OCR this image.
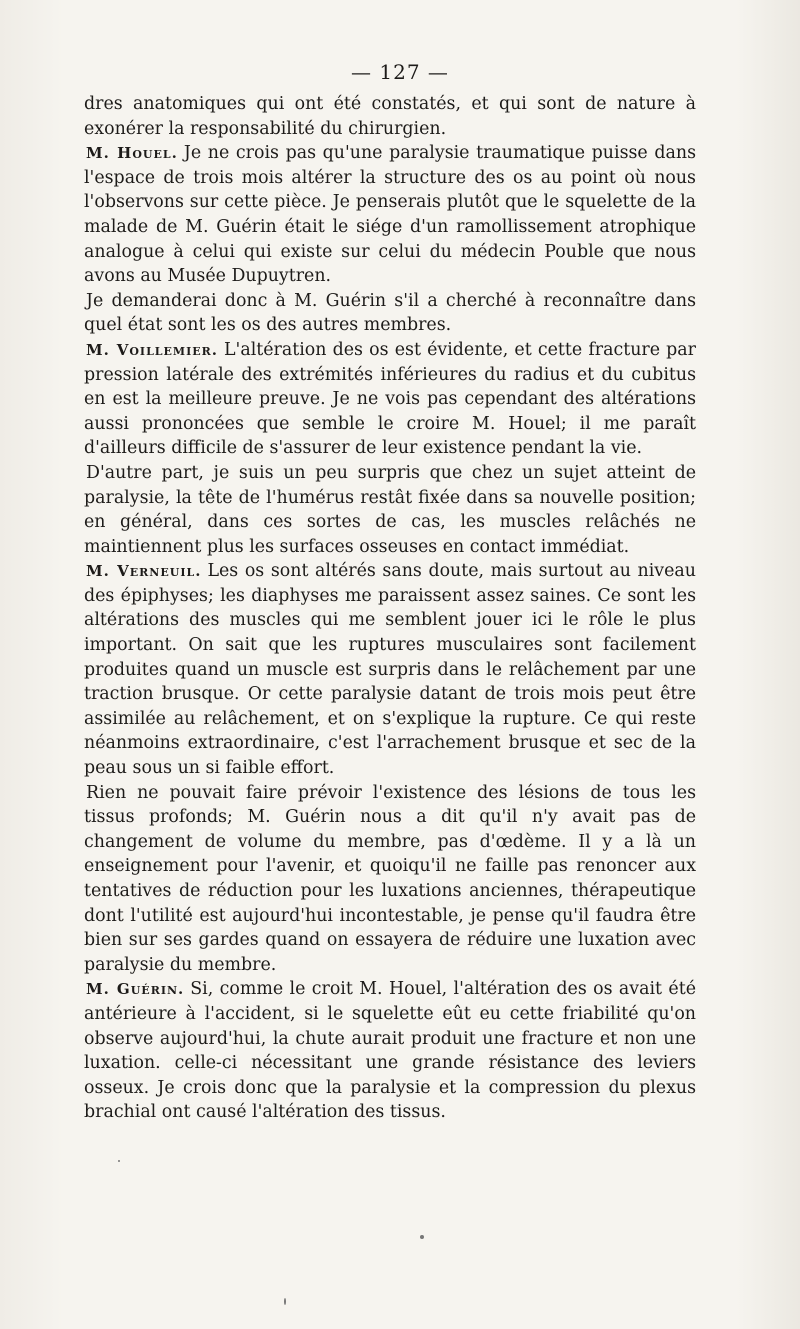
— 127 —

dres anatomiques qui ont été constatés, et qui sont de nature à exonérer la responsabilité du chirurgien.

M. Houel. Je ne crois pas qu'une paralysie traumatique puisse dans l'espace de trois mois altérer la structure des os au point où nous l'observons sur cette pièce. Je penserais plutôt que le squelette de la malade de M. Guérin était le siége d'un ramollissement atrophique analogue à celui qui existe sur celui du médecin Pouble que nous avons au Musée Dupuytren.

Je demanderai donc à M. Guérin s'il a cherché à reconnaître dans quel état sont les os des autres membres.

M. Voillemier. L'altération des os est évidente, et cette fracture par pression latérale des extrémités inférieures du radius et du cubitus en est la meilleure preuve. Je ne vois pas cependant des altérations aussi prononcées que semble le croire M. Houel; il me paraît d'ailleurs difficile de s'assurer de leur existence pendant la vie.

D'autre part, je suis un peu surpris que chez un sujet atteint de paralysie, la tête de l'humérus restât fixée dans sa nouvelle position; en général, dans ces sortes de cas, les muscles relâchés ne maintiennent plus les surfaces osseuses en contact immédiat.

M. Verneuil. Les os sont altérés sans doute, mais surtout au niveau des épiphyses; les diaphyses me paraissent assez saines. Ce sont les altérations des muscles qui me semblent jouer ici le rôle le plus important. On sait que les ruptures musculaires sont facilement produites quand un muscle est surpris dans le relâchement par une traction brusque. Or cette paralysie datant de trois mois peut être assimilée au relâchement, et on s'explique la rupture. Ce qui reste néanmoins extraordinaire, c'est l'arrachement brusque et sec de la peau sous un si faible effort.

Rien ne pouvait faire prévoir l'existence des lésions de tous les tissus profonds; M. Guérin nous a dit qu'il n'y avait pas de changement de volume du membre, pas d'œdème. Il y a là un enseignement pour l'avenir, et quoiqu'il ne faille pas renoncer aux tentatives de réduction pour les luxations anciennes, thérapeutique dont l'utilité est aujourd'hui incontestable, je pense qu'il faudra être bien sur ses gardes quand on essayera de réduire une luxation avec paralysie du membre.

M. Guérin. Si, comme le croit M. Houel, l'altération des os avait été antérieure à l'accident, si le squelette eût eu cette friabilité qu'on observe aujourd'hui, la chute aurait produit une fracture et non une luxation. celle-ci nécessitant une grande résistance des leviers osseux. Je crois donc que la paralysie et la compression du plexus brachial ont causé l'altération des tissus.
